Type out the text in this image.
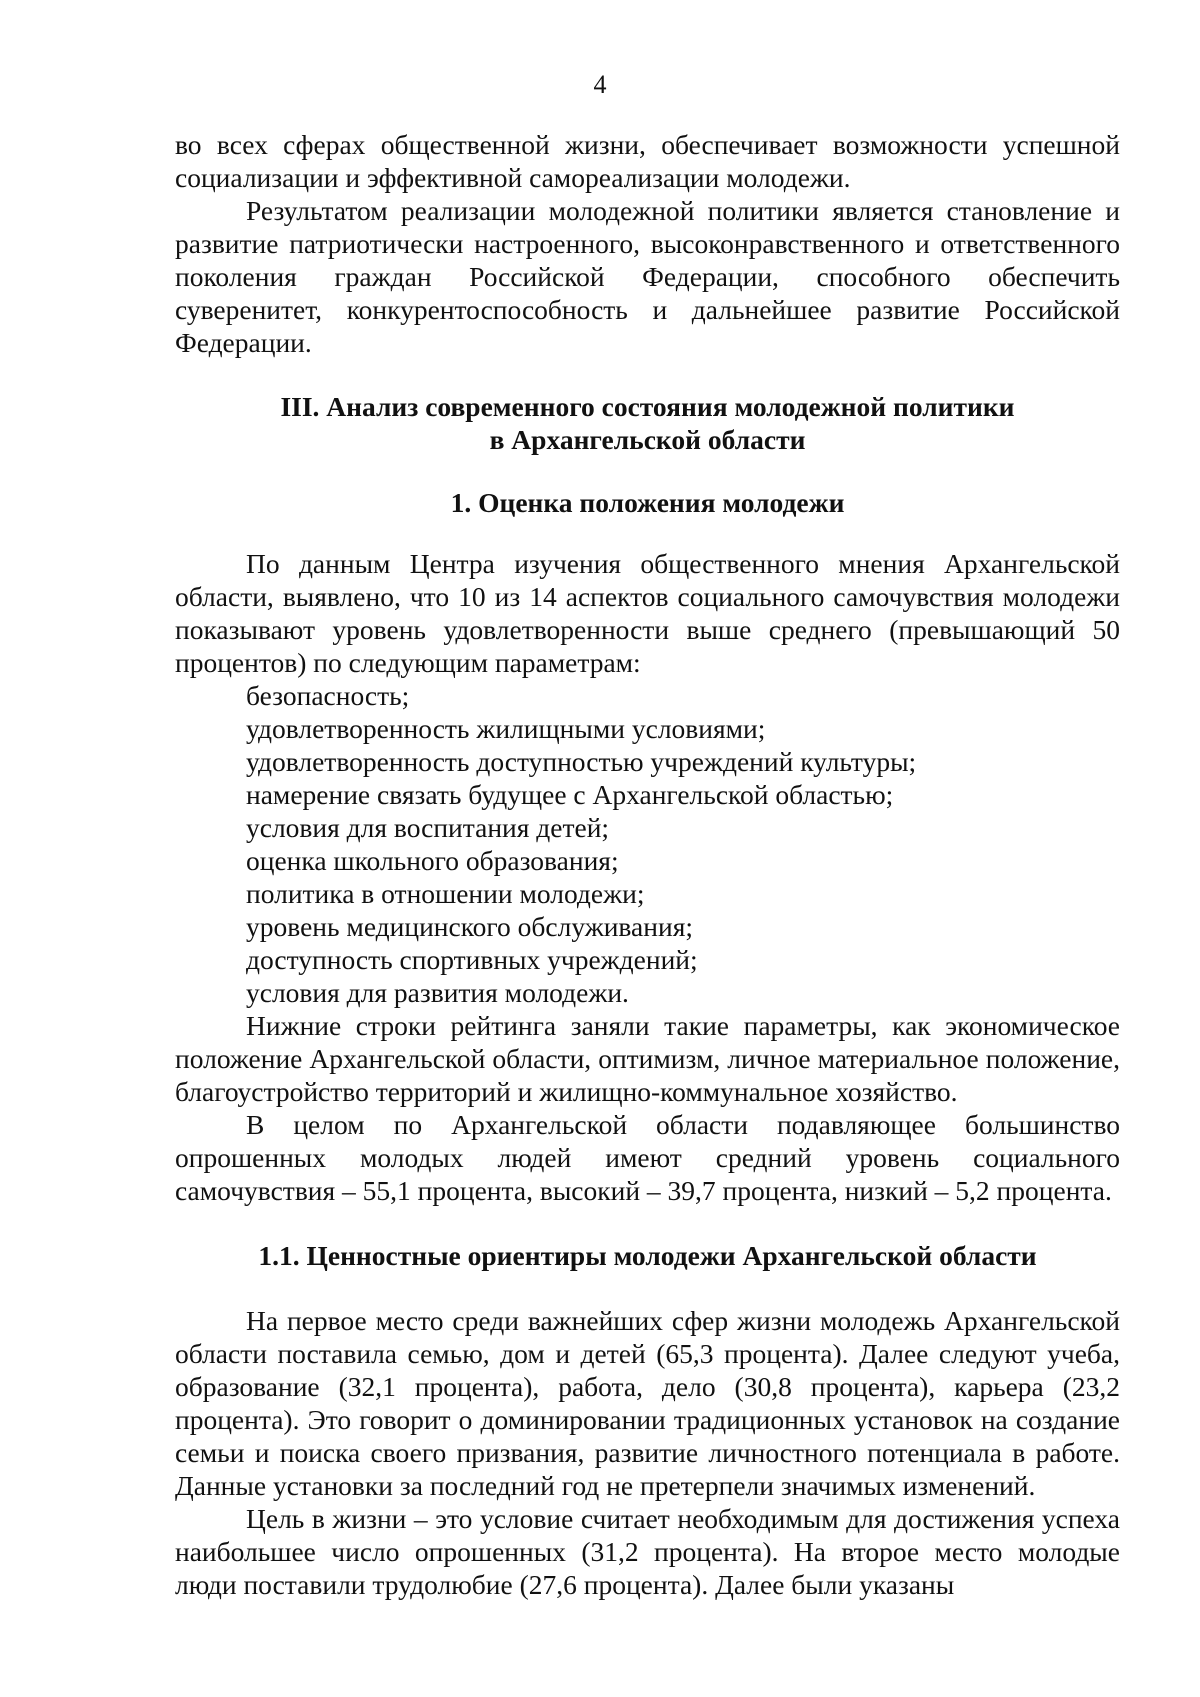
4

во всех сферах общественной жизни, обеспечивает возможности успешной социализации и эффективной самореализации молодежи.

Результатом реализации молодежной политики является становление и развитие патриотически настроенного, высоконравственного и ответственного поколения граждан Российской Федерации, способного обеспечить суверенитет, конкурентоспособность и дальнейшее развитие Российской Федерации.

III. Анализ современного состояния молодежной политики
в Архангельской области
1. Оценка положения молодежи

По данным Центра изучения общественного мнения Архангельской области, выявлено, что 10 из 14 аспектов социального самочувствия молодежи показывают уровень удовлетворенности выше среднего (превышающий 50 процентов) по следующим параметрам:

безопасность;

удовлетворенность жилищными условиями;

удовлетворенность доступностью учреждений культуры;

намерение связать будущее с Архангельской областью;

условия для воспитания детей;

оценка школьного образования;

политика в отношении молодежи;

уровень медицинского обслуживания;

доступность спортивных учреждений;

условия для развития молодежи.

Нижние строки рейтинга заняли такие параметры, как экономическое положение Архангельской области, оптимизм, личное материальное положение, благоустройство территорий и жилищно-коммунальное хозяйство.

В целом по Архангельской области подавляющее большинство опрошенных молодых людей имеют средний уровень социального самочувствия – 55,1 процента, высокий – 39,7 процента, низкий – 5,2 процента.

1.1. Ценностные ориентиры молодежи Архангельской области

На первое место среди важнейших сфер жизни молодежь Архангельской области поставила семью, дом и детей (65,3 процента). Далее следуют учеба, образование (32,1 процента), работа, дело (30,8 процента), карьера (23,2 процента). Это говорит о доминировании традиционных установок на создание семьи и поиска своего призвания, развитие личностного потенциала в работе. Данные установки за последний год не претерпели значимых изменений.

Цель в жизни – это условие считает необходимым для достижения успеха наибольшее число опрошенных (31,2 процента). На второе место молодые люди поставили трудолюбие (27,6 процента). Далее были указаны
